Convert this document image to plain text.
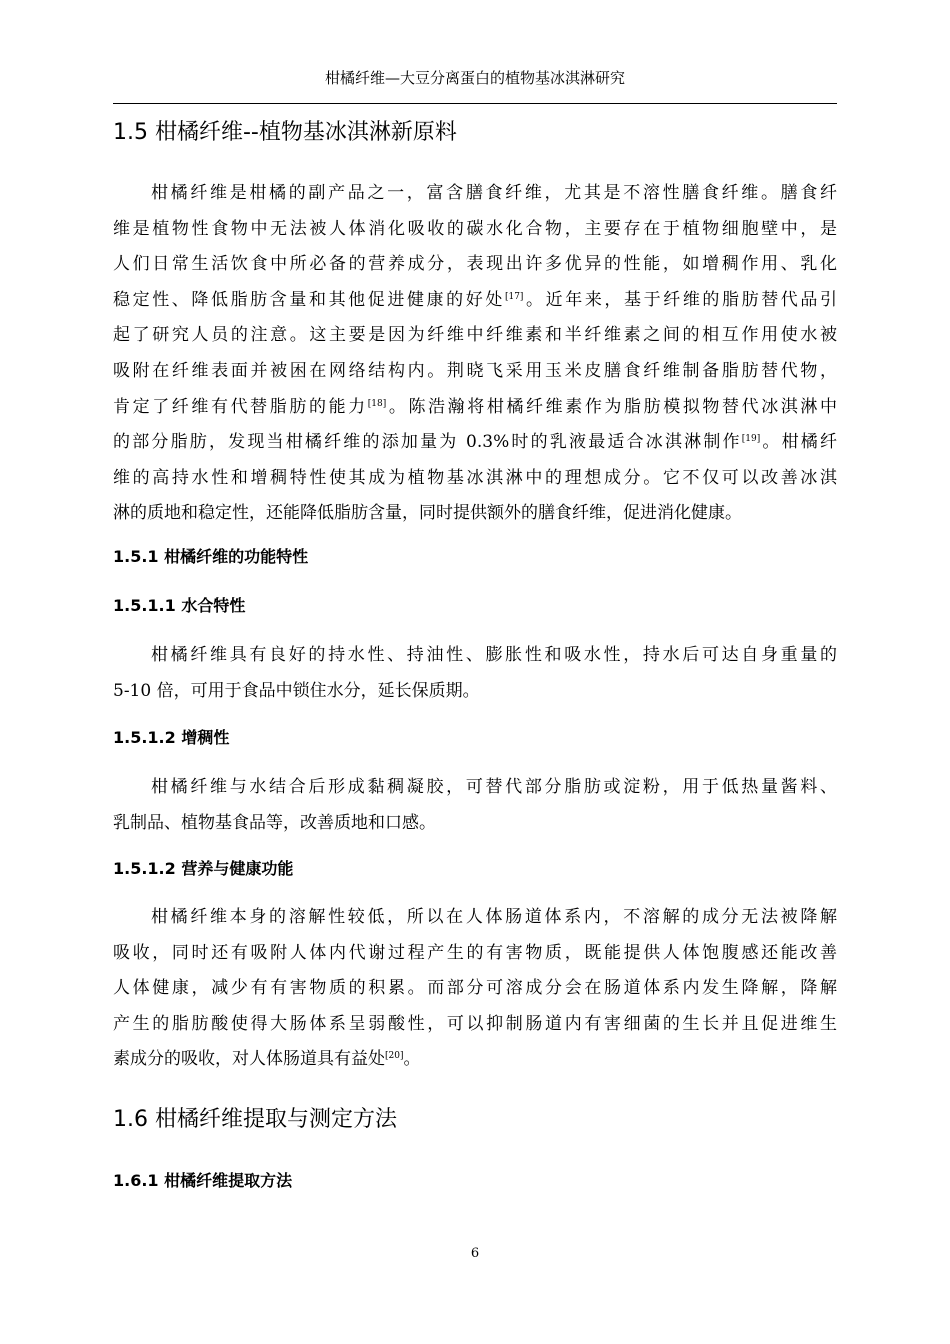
柑橘纤维—大豆分离蛋白的植物基冰淇淋研究
1.5 柑橘纤维--植物基冰淇淋新原料
柑橘纤维是柑橘的副产品之一，富含膳食纤维，尤其是不溶性膳食纤维。膳食纤
维是植物性食物中无法被人体消化吸收的碳水化合物，主要存在于植物细胞壁中，是
人们日常生活饮食中所必备的营养成分，表现出许多优异的性能，如增稠作用、乳化
稳定性、降低脂肪含量和其他促进健康的好处[17]。近年来，基于纤维的脂肪替代品引
起了研究人员的注意。这主要是因为纤维中纤维素和半纤维素之间的相互作用使水被
吸附在纤维表面并被困在网络结构内。荆晓飞采用玉米皮膳食纤维制备脂肪替代物，
肯定了纤维有代替脂肪的能力[18]。陈浩瀚将柑橘纤维素作为脂肪模拟物替代冰淇淋中
的部分脂肪，发现当柑橘纤维的添加量为 0.3%时的乳液最适合冰淇淋制作[19]。柑橘纤
维的高持水性和增稠特性使其成为植物基冰淇淋中的理想成分。它不仅可以改善冰淇
淋的质地和稳定性，还能降低脂肪含量，同时提供额外的膳食纤维，促进消化健康。
1.5.1 柑橘纤维的功能特性
1.5.1.1 水合特性
柑橘纤维具有良好的持水性、持油性、膨胀性和吸水性，持水后可达自身重量的
5-10 倍，可用于食品中锁住水分，延长保质期。
1.5.1.2 增稠性
柑橘纤维与水结合后形成黏稠凝胶，可替代部分脂肪或淀粉，用于低热量酱料、
乳制品、植物基食品等，改善质地和口感。
1.5.1.2 营养与健康功能
柑橘纤维本身的溶解性较低，所以在人体肠道体系内，不溶解的成分无法被降解
吸收，同时还有吸附人体内代谢过程产生的有害物质，既能提供人体饱腹感还能改善
人体健康，减少有有害物质的积累。而部分可溶成分会在肠道体系内发生降解，降解
产生的脂肪酸使得大肠体系呈弱酸性，可以抑制肠道内有害细菌的生长并且促进维生
素成分的吸收，对人体肠道具有益处[20]。
1.6 柑橘纤维提取与测定方法
1.6.1 柑橘纤维提取方法
6
